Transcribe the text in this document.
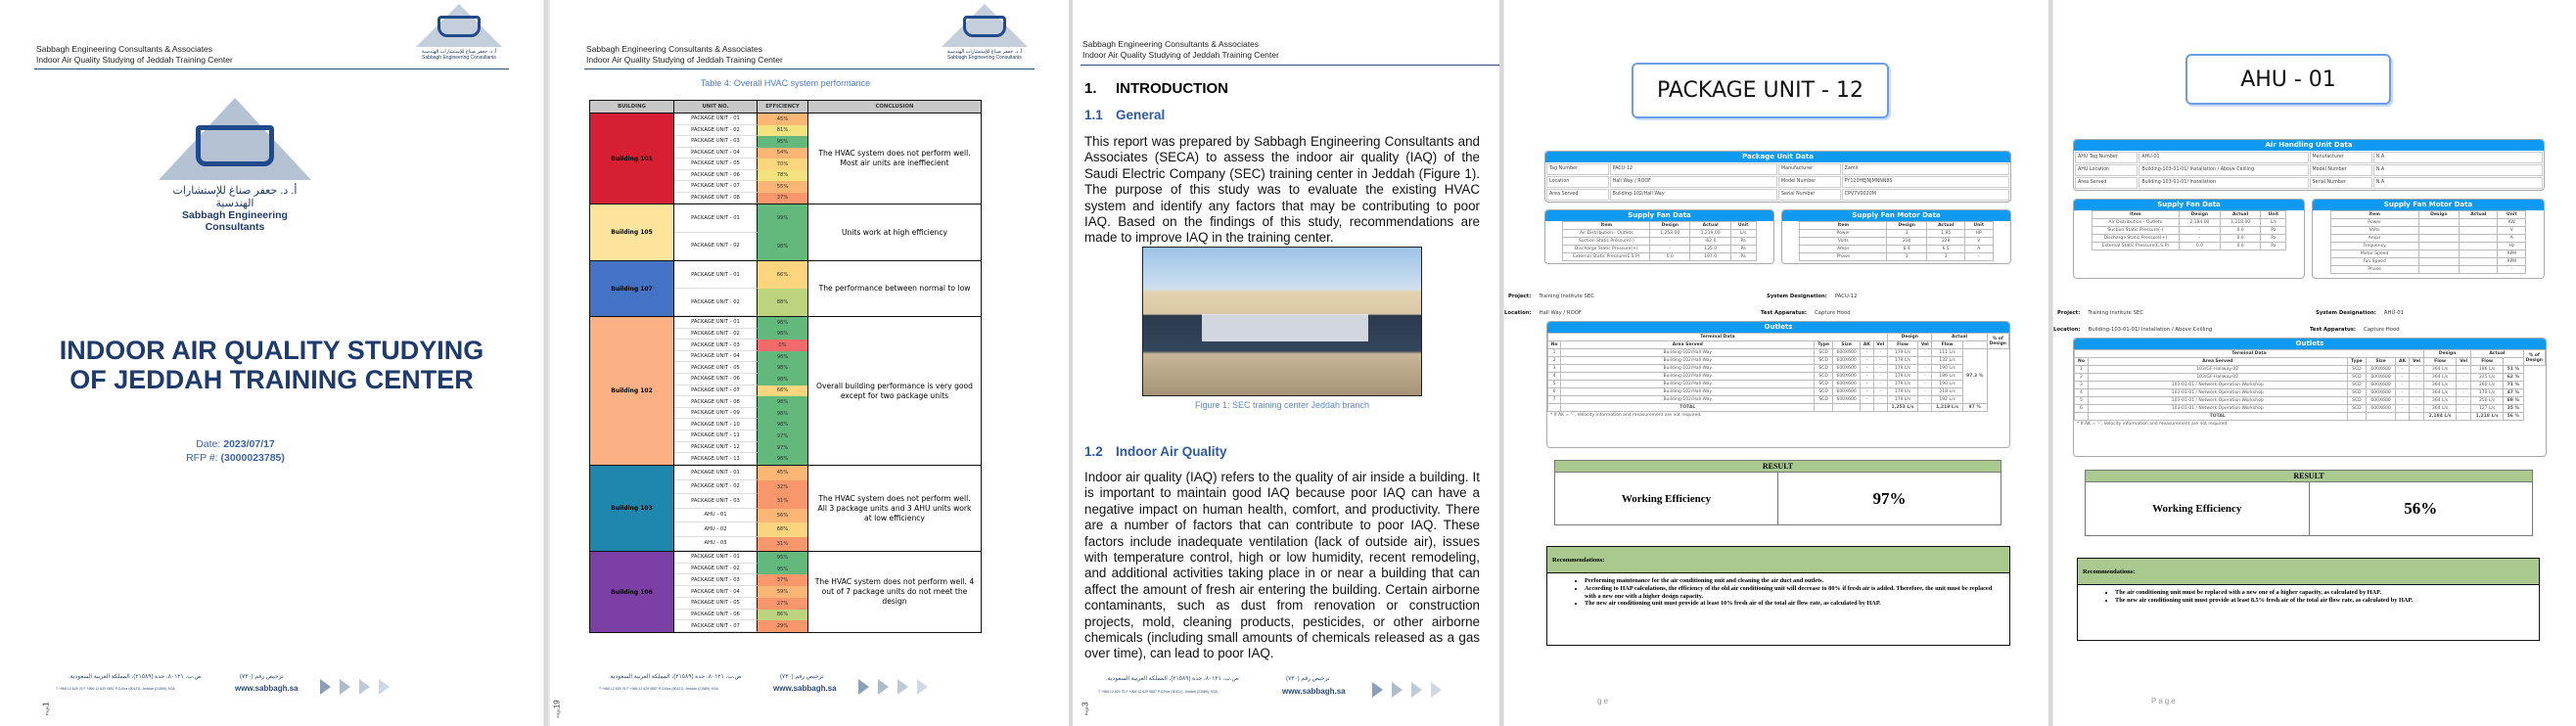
Sabbagh Engineering Consultants & Associates
Indoor Air Quality Studying of Jeddah Training Center
أ. د. جعفر صناغ للإستشارات الهندسية
Sabbagh Engineering Consultants
أ. د. جعفر صناغ للإستشارات الهندسية
Sabbagh Engineering Consultants
INDOOR AIR QUALITY STUDYING
OF JEDDAH TRAINING CENTER
Date: 2023/07/17
RFP #: (3000023785)
ص.ب. ٨٠١٢١، جدة (٢١٥٨٩)، المملكة العربية السعودية.	ترخيص رقم (٧٣٠)
T +966 12 629 76 F +966 12 629 0857 P.O.Box (80121), Jeddah (21589), KSA	www.sabbagh.sa
Page1
Sabbagh Engineering Consultants & Associates
Indoor Air Quality Studying of Jeddah Training Center
أ. د. جعفر صناغ للإستشارات الهندسية
Sabbagh Engineering Consultants
Table 4: Overall HVAC system performance
BUILDING	UNIT NO.	EFFICIENCY	CONCLUSION
Building 101
PACKAGE UNIT - 01	45%
PACKAGE UNIT - 02	81%
PACKAGE UNIT - 03	95%
PACKAGE UNIT - 04	54%
PACKAGE UNIT - 05	70%
PACKAGE UNIT - 06	78%
PACKAGE UNIT - 07	55%
PACKAGE UNIT - 08	37%
The HVAC system does not perform well. Most air units are ineffiecient
Building 105
PACKAGE UNIT - 01	99%
PACKAGE UNIT - 02	98%
Units work at high efficiency
Building 107
PACKAGE UNIT - 01	66%
PACKAGE UNIT - 02	88%
The performance between normal to low
Building 102
PACKAGE UNIT - 01	98%
PACKAGE UNIT - 02	98%
PACKAGE UNIT - 03	0%
PACKAGE UNIT - 04	98%
PACKAGE UNIT - 05	98%
PACKAGE UNIT - 06	98%
PACKAGE UNIT - 07	68%
PACKAGE UNIT - 08	98%
PACKAGE UNIT - 09	98%
PACKAGE UNIT - 10	98%
PACKAGE UNIT - 11	97%
PACKAGE UNIT - 12	97%
PACKAGE UNIT - 13	98%
Overall building performance is very good except for two package units
Building 103
PACKAGE UNIT - 01	45%
PACKAGE UNIT - 02	32%
PACKAGE UNIT - 03	31%
AHU - 01	56%
AHU - 02	68%
AHU - 03	31%
The HVAC system does not perform well. All 3 package units and 3 AHU units work at low efficiency
Building 106
PACKAGE UNIT - 01	95%
PACKAGE UNIT - 02	95%
PACKAGE UNIT - 03	37%
PACKAGE UNIT - 04	59%
PACKAGE UNIT - 05	27%
PACKAGE UNIT - 06	86%
PACKAGE UNIT - 07	29%
The HVAC system does not perform well. 4 out of 7 package units do not meet the design
ص.ب. ٨٠١٢١، جدة (٢١٥٨٩)، المملكة العربية السعودية.	ترخيص رقم (٧٣٠)
T +966 12 629 76 F +966 12 629 0857 P.O.Box (80121), Jeddah (21589), KSA	www.sabbagh.sa
Page19
Sabbagh Engineering Consultants & Associates
Indoor Air Quality Studying of Jeddah Training Center
1. INTRODUCTION
1.1 General
This report was prepared by Sabbagh Engineering Consultants and Associates (SECA) to assess the indoor air quality (IAQ) of the Saudi Electric Company (SEC) training center in Jeddah (Figure 1). The purpose of this study was to evaluate the existing HVAC system and identify any factors that may be contributing to poor IAQ. Based on the findings of this study, recommendations are made to improve IAQ in the training center.
Figure 1: SEC training center Jeddah branch
1.2 Indoor Air Quality
Indoor air quality (IAQ) refers to the quality of air inside a building. It is important to maintain good IAQ because poor IAQ can have a negative impact on human health, comfort, and productivity. There are a number of factors that can contribute to poor IAQ. These factors include inadequate ventilation (lack of outside air), issues with temperature control, high or low humidity, recent remodeling, and additional activities taking place in or near a building that can affect the amount of fresh air entering the building. Certain airborne contaminants, such as dust from renovation or construction projects, mold, cleaning products, pesticides, or other airborne chemicals (including small amounts of chemicals released as a gas over time), can lead to poor IAQ.
ص.ب. ٨٠١٢١، جدة (٢١٥٨٩)، المملكة العربية السعودية.	ترخيص رقم (٧٣٠)
T +966 12 629 76 F +966 12 629 0857 P.O.Box (80121), Jeddah (21589), KSA	www.sabbagh.sa
Page3
PACKAGE UNIT - 12
Package Unit Data
Tag Number	PACU-12	Manufacturer	Zamil
Location	Hall Way / ROOF	Model Number	PY120HEJNJMNNN8S
Area Served	Building-102/Hall Way	Serial Number	CPV7V0020M
Supply Fan Data
Item	Design	Actual	Unit
Air Distribution - Outlets	1,253.00	1,219.00	L/s
Suction Static Pressure(-)	-	-62.0	Pa
Discharge Static Pressure(+)	-	135.0	Pa
External Static Pressure(E.S.P)	0.0	197.0	Pa
Supply Fan Motor Data
Item	Design	Actual	Unit
Power	3	1.85	HP
Volts	230	228	V
Amps	8.4	6.5	A
Phase	3	3	-
Project: Training Institute SEC	System Designation: PACU-12
Location: Hall Way / ROOF	Test Apparatus: Capture Hood
Outlets
Terminal Data						Design		Actual		% of Design
No	Area Served	Type	Size	AK	Vel	Flow	Vel	Flow		
1	Building-102/Hall Way	SCD	600X600	-	-	179 L/s	-	111 L/s	97.3 %	
2	Building-102/Hall Way	SCD	600X600	-	-	179 L/s	-	132 L/s		
3	Building-102/Hall Way	SCD	600X600	-	-	179 L/s	-	190 L/s		
4	Building-102/Hall Way	SCD	600X600	-	-	179 L/s	-	186 L/s		
5	Building-102/Hall Way	SCD	600X600	-	-	179 L/s	-	190 L/s		
6	Building-102/Hall Way	SCD	600X600	-	-	179 L/s	-	218 L/s		
7	Building-102/Hall Way	SCD	600X600	-	-	179 L/s	-	192 L/s		
	TOTAL					1,253 L/s		1,219 L/s	97 %	
* If AK = '-', Velocity information and measurement are not required.
RESULT
Working Efficiency	97%
Recommendations:
• Performing maintenance for the air conditioning unit and cleaning the air duct and outlets.
• According to HAP calculations, the efficiency of the old air conditioning unit will decrease to 80% if fresh air is added. Therefore, the unit must be replaced with a new one with a higher design capacity.
• The new air conditioning unit must provide at least 10% fresh air of the total air flow rate, as calculated by HAP.
ge
AHU - 01
Air Handling Unit Data
AHU Tag Number	AHU-01	Manufacturer	N.A
AHU Location	Building-103-01-01/ Installation / Above Ceilling	Model Number	N.A
Area Served	Building-103-01-01/ Installation	Serial Number	N.A
Supply Fan Data
Item	Design	Actual	Unit
Air Distribution - Outlets	2,184.00	1,218.00	L/s
Suction Static Pressure(-)	-	0.0	Pa
Discharge Static Pressure(+)	-	0.0	Pa
External Static Pressure(E.S.P)	0.0	0.0	Pa
Supply Fan Motor Data
Item	Design	Actual	Unit
Power			KW
Volts			V
Amps			A
Frequency			Hz
Motor Speed			RPM
Fan Speed			RPM
Phase			-
Project: Training Institute SEC	System Designation: AHU-01
Location: Building-103-01-01/ Installation / Above Ceilling	Test Apparatus: Capture Hood
Outlets
Terminal Data						Design		Actual		% of Design
No	Area Served	Type	Size	AK	Vel	Flow	Vel	Flow		
1	103/GF-Hallway-02	SCD	600X600	-	-	364 L/s	-	186 L/s	51 %	
2	103/GF-Hallway-02	SCD	600X600	-	-	364 L/s	-	225 L/s	62 %	
3	103-01-01 / Network Operation Workshop	SCD	600X600	-	-	364 L/s	-	260 L/s	71 %	
4	103-01-01 / Network Operation Workshop	SCD	600X600	-	-	364 L/s	-	170 L/s	47 %	
5	103-01-01 / Network Operation Workshop	SCD	600X600	-	-	364 L/s	-	250 L/s	69 %	
6	103-01-01 / Network Operation Workshop	SCD	600X600	-	-	364 L/s	-	127 L/s	35 %	
	TOTAL					2,184 L/s		1,218 L/s	56 %	
* If AK = '-', Velocity information and measurement are not required.
RESULT
Working Efficiency	56%
Recommendations:
• The air conditioning unit must be replaced with a new one of a higher capacity, as calculated by HAP.
• The new air conditioning unit must provide at least 8.5% fresh air of the total air flow rate, as calculated by HAP.
Page
